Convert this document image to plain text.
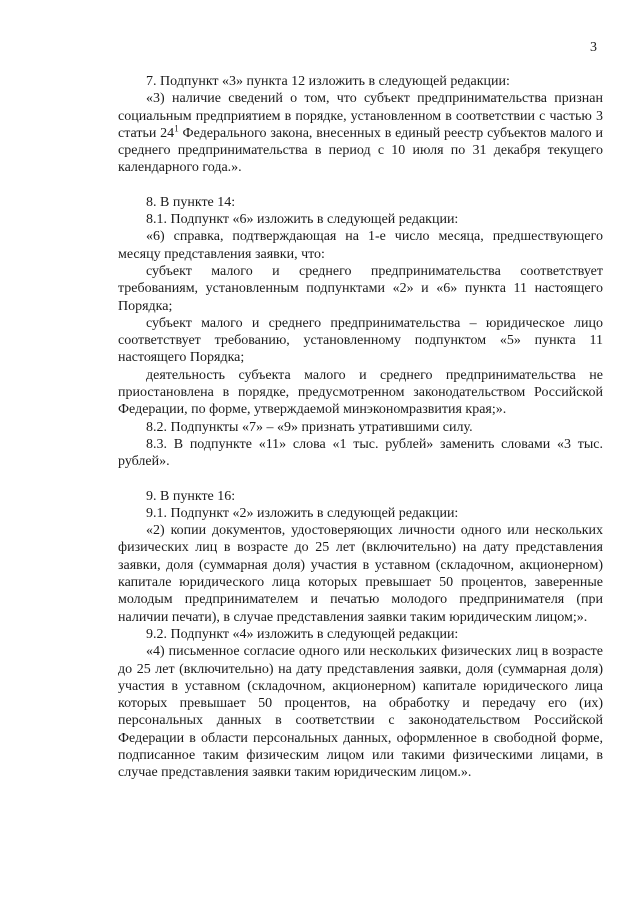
3

7. Подпункт «3» пункта 12 изложить в следующей редакции:

«3) наличие сведений о том, что субъект предпринимательства признан социальным предприятием в порядке, установленном в соответствии с частью 3 статьи $24^1$ Федерального закона, внесенных в единый реестр субъектов малого и среднего предпринимательства в период с 10 июля по 31 декабря текущего календарного года.».

8. В пункте 14:

8.1. Подпункт «6» изложить в следующей редакции:

«6) справка, подтверждающая на 1-е число месяца, предшествующего месяцу представления заявки, что:

субъект малого и среднего предпринимательства соответствует требованиям, установленным подпунктами «2» и «6» пункта 11 настоящего Порядка;

субъект малого и среднего предпринимательства – юридическое лицо соответствует требованию, установленному подпунктом «5» пункта 11 настоящего Порядка;

деятельность субъекта малого и среднего предпринимательства не приостановлена в порядке, предусмотренном законодательством Российской Федерации, по форме, утверждаемой минэкономразвития края;».

8.2. Подпункты «7» – «9» признать утратившими силу.

8.3. В подпункте «11» слова «1 тыс. рублей» заменить словами «3 тыс. рублей».

9. В пункте 16:

9.1. Подпункт «2» изложить в следующей редакции:

«2) копии документов, удостоверяющих личности одного или нескольких физических лиц в возрасте до 25 лет (включительно) на дату представления заявки, доля (суммарная доля) участия в уставном (складочном, акционерном) капитале юридического лица которых превышает 50 процентов, заверенные молодым предпринимателем и печатью молодого предпринимателя (при наличии печати), в случае представления заявки таким юридическим лицом;».

9.2. Подпункт «4» изложить в следующей редакции:

«4) письменное согласие одного или нескольких физических лиц в возрасте до 25 лет (включительно) на дату представления заявки, доля (суммарная доля) участия в уставном (складочном, акционерном) капитале юридического лица которых превышает 50 процентов, на обработку и передачу его (их) персональных данных в соответствии с законодательством Российской Федерации в области персональных данных, оформленное в свободной форме, подписанное таким физическим лицом или такими физическими лицами, в случае представления заявки таким юридическим лицом.».
